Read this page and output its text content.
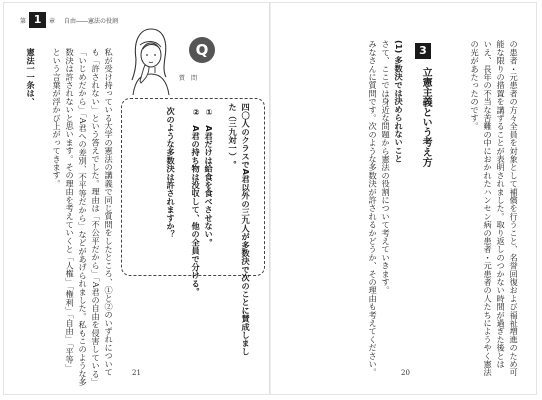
第 1	章 自由――憲法の役割
Q
質　問
四〇人のクラスでA君以外の三九人が多数決で次のことに賛成しまし
た（三九対一）。
①　A君だけは給食を食べさせない。
②　A君の持ち物は没収して、他の全員で分ける。
次のような多数決は許されますか？
私が受け持っている大学の憲法の講義で同じ質問をしたところ、①と②のいずれについて
も「許されない」という答えでした。理由は「不公平だから」「A君の自由を侵害している」
「いじめだから」「A君への差別、不平等だから」などがあげられました。私もこのような多
数決は許されないと思います。その理由を考えていくと「人権」「権利」「自由」「平等」
という言葉が浮かび上がってきます。
憲法一一条は、
21	の患者・元患者の方々全員を対象として補償を行うこと、名誉回復および福祉増進のため可
能な限りの措置を講ずることが表明されました。取り返しのつかない時間が過ぎた後とは
いえ、長年の不当な苦難の中におかれたハンセン病の患者・元患者の人たちにようやく憲法
の光があたったのです。
3
立憲主義という考え方
(1)
多数決では決められないこと
さて、ここでは身近な問題から憲法の役割について考えていきます。
みなさんに質問です。次のような多数決が許されるかどうか、その理由も考えてください。	20
